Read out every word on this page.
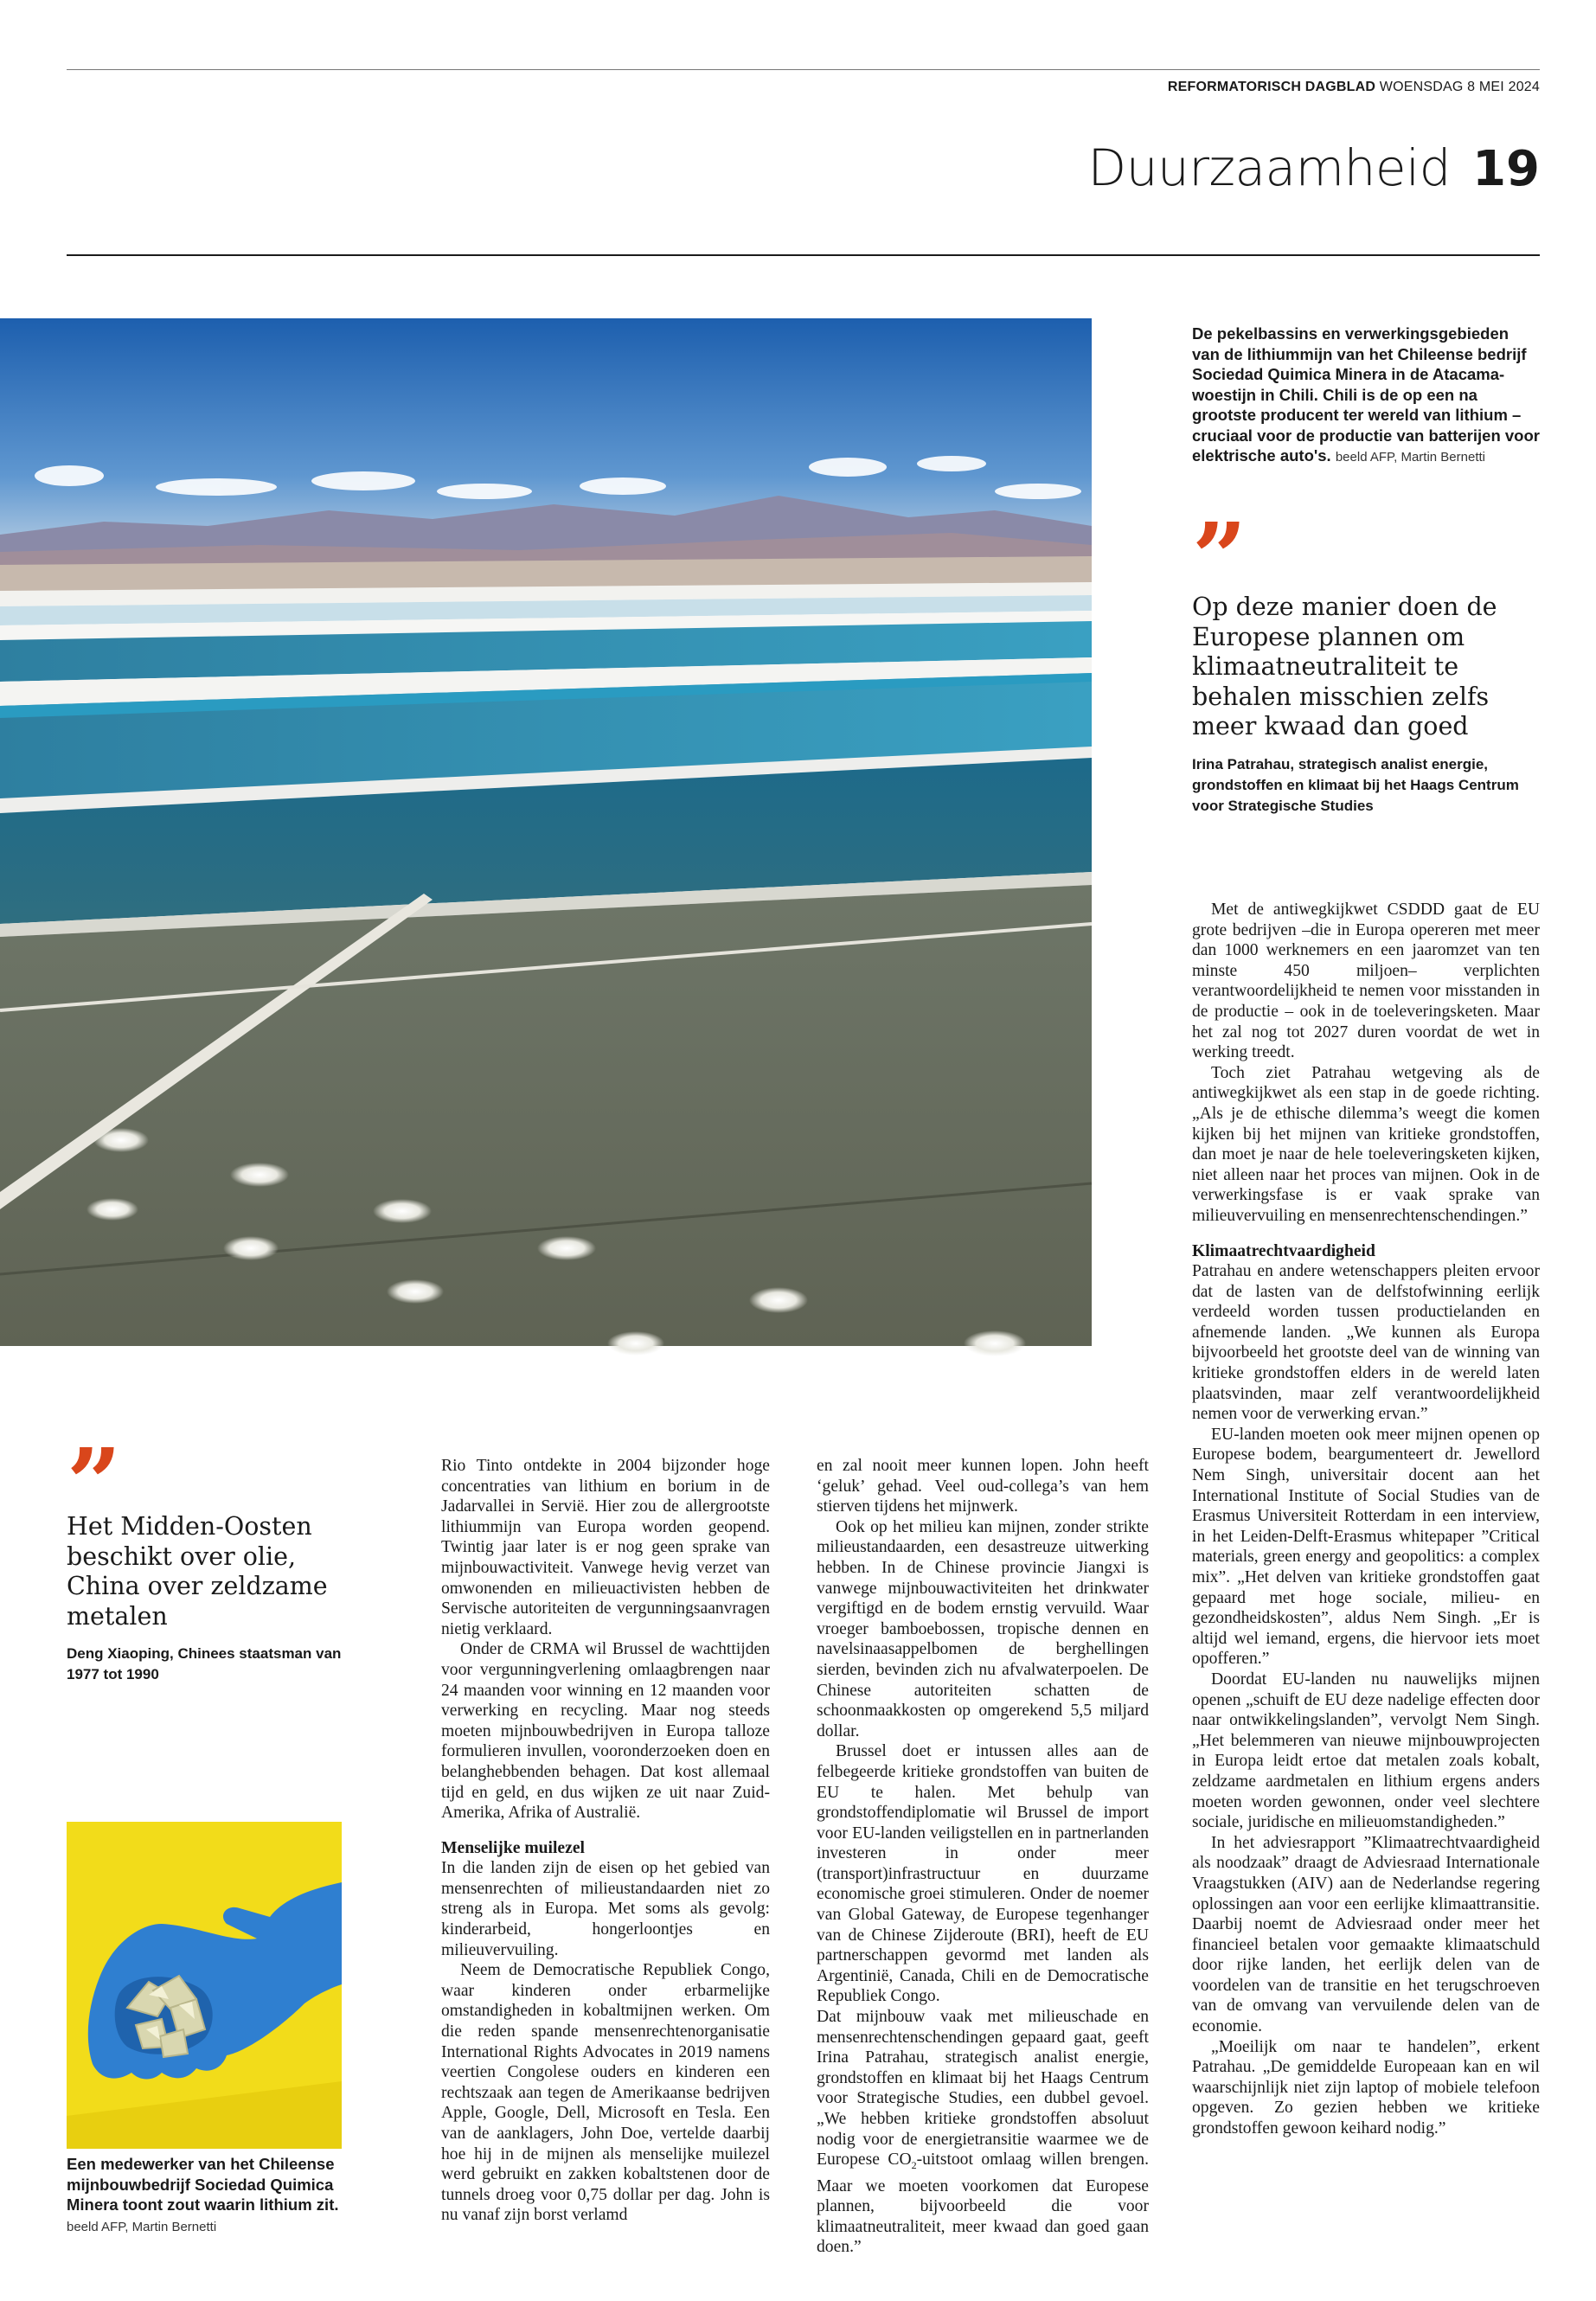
REFORMATORISCH DAGBLAD WOENSDAG 8 MEI 2024
Duurzaamheid 19
De pekelbassins en verwerkingsgebieden van de lithiummijn van het Chileense bedrijf Sociedad Quimica Minera in de Atacama-woestijn in Chili. Chili is de op een na grootste producent ter wereld van lithium – cruciaal voor de productie van batterijen voor elektrische auto's. beeld AFP, Martin Bernetti
”
Op deze manier doen de Europese plannen om klimaatneutraliteit te behalen misschien zelfs meer kwaad dan goed
Irina Patrahau, strategisch analist energie, grondstoffen en klimaat bij het Haags Centrum voor Strategische Studies
”
Het Midden-Oosten beschikt over olie, China over zeldzame metalen
Deng Xiaoping, Chinees staatsman van 1977 tot 1990
Een medewerker van het Chileense mijnbouwbedrijf Sociedad Quimica Minera toont zout waarin lithium zit. beeld AFP, Martin Bernetti

Rio Tinto ontdekte in 2004 bijzonder hoge concentraties van lithium en borium in de Jadarvallei in Servië. Hier zou de allergrootste lithiummijn van Europa worden geopend. Twintig jaar later is er nog geen sprake van mijnbouwactiviteit. Vanwege hevig verzet van omwonenden en milieuactivisten hebben de Servische autoriteiten de vergunningsaanvragen nietig verklaard.

Onder de CRMA wil Brussel de wachttijden voor vergunningverlening omlaagbrengen naar 24 maanden voor winning en 12 maanden voor verwerking en recycling. Maar nog steeds moeten mijnbouwbedrijven in Europa talloze formulieren invullen, vooronderzoeken doen en belanghebbenden behagen. Dat kost allemaal tijd en geld, en dus wijken ze uit naar Zuid-Amerika, Afrika of Australië.

Menselijke muilezel

In die landen zijn de eisen op het gebied van mensenrechten of milieustandaarden niet zo streng als in Europa. Met soms als gevolg: kinderarbeid, hongerloontjes en milieuvervuiling.

Neem de Democratische Republiek Congo, waar kinderen onder erbarmelijke omstandigheden in kobaltmijnen werken. Om die reden spande mensenrechtenorganisatie International Rights Advocates in 2019 namens veertien Congolese ouders en kinderen een rechtszaak aan tegen de Amerikaanse bedrijven Apple, Google, Dell, Microsoft en Tesla. Een van de aanklagers, John Doe, vertelde daarbij hoe hij in de mijnen als menselijke muilezel werd gebruikt en zakken kobaltstenen door de tunnels droeg voor 0,75 dollar per dag. John is nu vanaf zijn borst verlamd

en zal nooit meer kunnen lopen. John heeft ‘geluk’ gehad. Veel oud-collega’s van hem stierven tijdens het mijnwerk.

Ook op het milieu kan mijnen, zonder strikte milieustandaarden, een desastreuze uitwerking hebben. In de Chinese provincie Jiangxi is vanwege mijnbouwactiviteiten het drinkwater vergiftigd en de bodem ernstig vervuild. Waar vroeger bamboebossen, tropische dennen en navelsinaasappelbomen de berghellingen sierden, bevinden zich nu afvalwaterpoelen. De Chinese autoriteiten schatten de schoonmaakkosten op omgerekend 5,5 miljard dollar.

Brussel doet er intussen alles aan de felbegeerde kritieke grondstoffen van buiten de EU te halen. Met behulp van grondstoffendiplomatie wil Brussel de import voor EU-landen veiligstellen en in partnerlanden investeren in onder meer (transport)infrastructuur en duurzame economische groei stimuleren. Onder de noemer van Global Gateway, de Europese tegenhanger van de Chinese Zijderoute (BRI), heeft de EU partnerschappen gevormd met landen als Argentinië, Canada, Chili en de Democratische Republiek Congo.

Dat mijnbouw vaak met milieuschade en mensenrechtenschendingen gepaard gaat, geeft Irina Patrahau, strategisch analist energie, grondstoffen en klimaat bij het Haags Centrum voor Strategische Studies, een dubbel gevoel. „We hebben kritieke grondstoffen absoluut nodig voor de energietransitie waarmee we de Europese $CO_2$-uitstoot omlaag willen brengen. Maar we moeten voorkomen dat Europese plannen, bijvoorbeeld die voor klimaatneutraliteit, meer kwaad dan goed gaan doen.”

Met de antiwegkijkwet CSDDD gaat de EU grote bedrijven –die in Europa opereren met meer dan 1000 werknemers en een jaaromzet van ten minste 450 miljoen– verplichten verantwoordelijkheid te nemen voor misstanden in de productie – ook in de toeleveringsketen. Maar het zal nog tot 2027 duren voordat de wet in werking treedt.

Toch ziet Patrahau wetgeving als de antiwegkijkwet als een stap in de goede richting. „Als je de ethische dilemma’s weegt die komen kijken bij het mijnen van kritieke grondstoffen, dan moet je naar de hele toeleveringsketen kijken, niet alleen naar het proces van mijnen. Ook in de verwerkingsfase is er vaak sprake van milieuvervuiling en mensenrechtenschendingen.”

Klimaatrechtvaardigheid

Patrahau en andere wetenschappers pleiten ervoor dat de lasten van de delfstofwinning eerlijk verdeeld worden tussen productielanden en afnemende landen. „We kunnen als Europa bijvoorbeeld het grootste deel van de winning van kritieke grondstoffen elders in de wereld laten plaatsvinden, maar zelf verantwoordelijkheid nemen voor de verwerking ervan.”

EU-landen moeten ook meer mijnen openen op Europese bodem, beargumenteert dr. Jewellord Nem Singh, universitair docent aan het International Institute of Social Studies van de Erasmus Universiteit Rotterdam in een interview, in het Leiden-Delft-Erasmus whitepaper ”Critical materials, green energy and geopolitics: a complex mix”. „Het delven van kritieke grondstoffen gaat gepaard met hoge sociale, milieu- en gezondheidskosten”, aldus Nem Singh. „Er is altijd wel iemand, ergens, die hiervoor iets moet opofferen.”

Doordat EU-landen nu nauwelijks mijnen openen „schuift de EU deze nadelige effecten door naar ontwikkelingslanden”, vervolgt Nem Singh. „Het belemmeren van nieuwe mijnbouwprojecten in Europa leidt ertoe dat metalen zoals kobalt, zeldzame aardmetalen en lithium ergens anders moeten worden gewonnen, onder veel slechtere sociale, juridische en milieuomstandigheden.”

In het adviesrapport ”Klimaatrechtvaardigheid als noodzaak” draagt de Adviesraad Internationale Vraagstukken (AIV) aan de Nederlandse regering oplossingen aan voor een eerlijke klimaattransitie. Daarbij noemt de Adviesraad onder meer het financieel betalen voor gemaakte klimaatschuld door rijke landen, het eerlijk delen van de voordelen van de transitie en het terugschroeven van de omvang van vervuilende delen van de economie.

„Moeilijk om naar te handelen”, erkent Patrahau. „De gemiddelde Europeaan kan en wil waarschijnlijk niet zijn laptop of mobiele telefoon opgeven. Zo gezien hebben we kritieke grondstoffen gewoon keihard nodig.”
